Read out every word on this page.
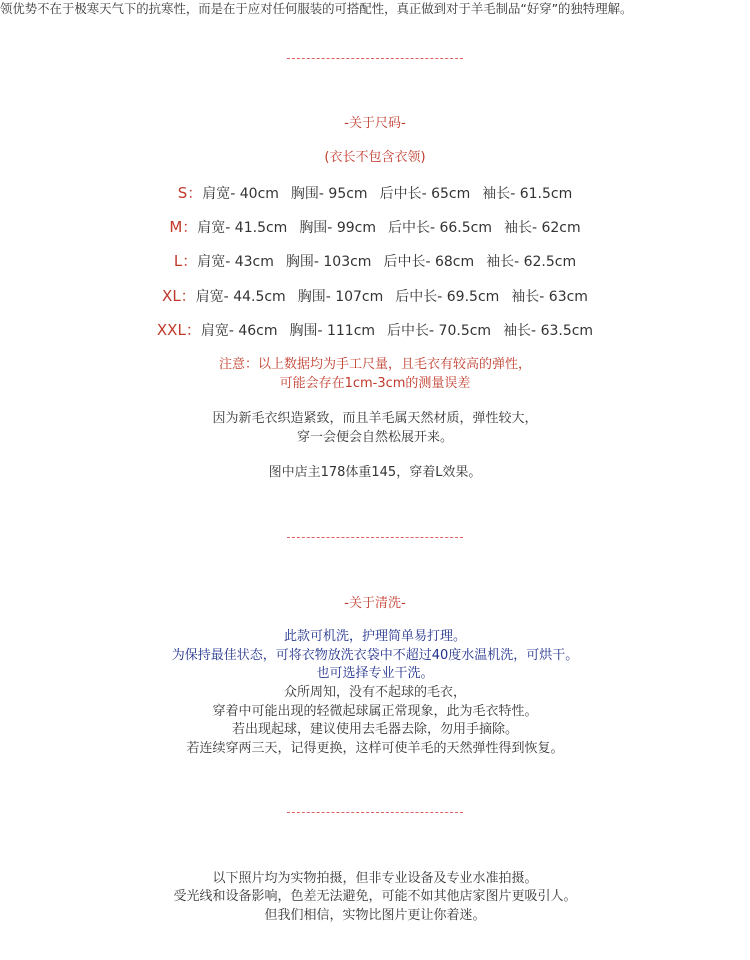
领优势不在于极寒天气下的抗寒性，而是在于应对任何服装的可搭配性，真正做到对于羊毛制品“好穿”的独特理解。
-关于尺码-
(衣长不包含衣领)
S：肩宽- 40cm 胸围- 95cm 后中长- 65cm 袖长- 61.5cm
M：肩宽- 41.5cm 胸围- 99cm 后中长- 66.5cm 袖长- 62cm
L：肩宽- 43cm 胸围- 103cm 后中长- 68cm 袖长- 62.5cm
XL：肩宽- 44.5cm 胸围- 107cm 后中长- 69.5cm 袖长- 63cm
XXL：肩宽- 46cm 胸围- 111cm 后中长- 70.5cm 袖长- 63.5cm
注意：以上数据均为手工尺量，且毛衣有较高的弹性，
可能会存在1cm-3cm的测量误差
因为新毛衣织造紧致，而且羊毛属天然材质，弹性较大，
穿一会便会自然松展开来。
图中店主178体重145，穿着L效果。
-关于清洗-
此款可机洗，护理简单易打理。
为保持最佳状态，可将衣物放洗衣袋中不超过40度水温机洗，可烘干。
也可选择专业干洗。
众所周知，没有不起球的毛衣，
穿着中可能出现的轻微起球属正常现象，此为毛衣特性。
若出现起球，建议使用去毛器去除，勿用手摘除。
若连续穿两三天，记得更换，这样可使羊毛的天然弹性得到恢复。
以下照片均为实物拍摄，但非专业设备及专业水准拍摄。
受光线和设备影响，色差无法避免，可能不如其他店家图片更吸引人。
但我们相信，实物比图片更让你着迷。
